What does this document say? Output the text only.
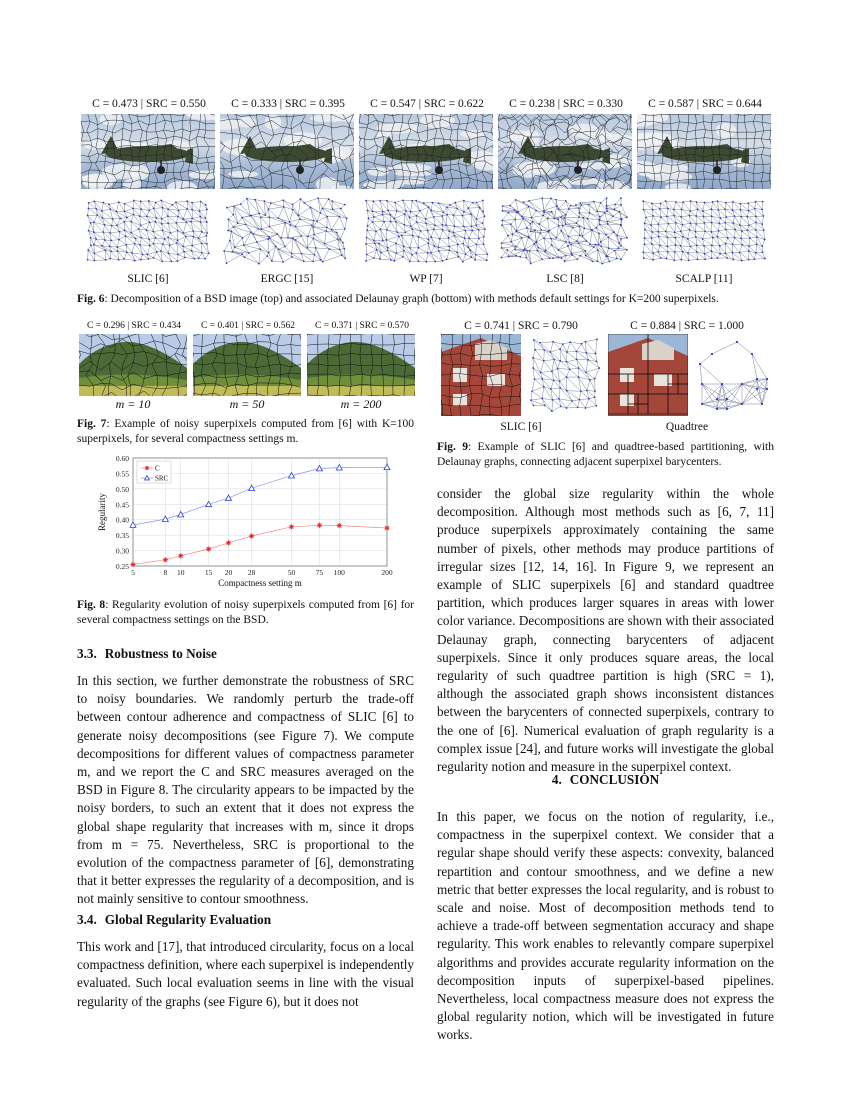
C = 0.473 | SRC = 0.550	C = 0.333 | SRC = 0.395	C = 0.547 | SRC = 0.622	C = 0.238 | SRC = 0.330	C = 0.587 | SRC = 0.644
SLIC [6]	ERGC [15]	WP [7]	LSC [8]	SCALP [11]
Fig. 6: Decomposition of a BSD image (top) and associated Delaunay graph (bottom) with methods default settings for K=200 superpixels.
C = 0.296 | SRC = 0.434	C = 0.401 | SRC = 0.562	C = 0.371 | SRC = 0.570
m = 10	m = 50	m = 200
Fig. 7: Example of noisy superpixels computed from [6] with K=100 superpixels, for several compactness settings m.
0.25
0.30
0.35
0.40
0.45
0.50
0.55
0.60
5	8 10	15 20 28	50	75 100	200
Compactness setting m
Regularity
C
SRC
Fig. 8: Regularity evolution of noisy superpixels computed from [6] for several compactness settings on the BSD.
C = 0.741 | SRC = 0.790	C = 0.884 | SRC = 1.000
SLIC [6]	Quadtree
Fig. 9: Example of SLIC [6] and quadtree-based partitioning, with Delaunay graphs, connecting adjacent superpixel barycenters.

3.3. Robustness to Noise

In this section, we further demonstrate the robustness of SRC to noisy boundaries. We randomly perturb the trade-off between contour adherence and compactness of SLIC [6] to generate noisy decompositions (see Figure 7). We compute decompositions for different values of compactness parameter m, and we report the C and SRC measures averaged on the BSD in Figure 8. The circularity appears to be impacted by the noisy borders, to such an extent that it does not express the global shape regularity that increases with m, since it drops from m = 75. Nevertheless, SRC is proportional to the evolution of the compactness parameter of [6], demonstrating that it better expresses the regularity of a decomposition, and is not mainly sensitive to contour smoothness.

3.4. Global Regularity Evaluation

This work and [17], that introduced circularity, focus on a local compactness definition, where each superpixel is independently evaluated. Such local evaluation seems in line with the visual regularity of the graphs (see Figure 6), but it does not

consider the global size regularity within the whole decomposition. Although most methods such as [6, 7, 11] produce superpixels approximately containing the same number of pixels, other methods may produce partitions of irregular sizes [12, 14, 16]. In Figure 9, we represent an example of SLIC superpixels [6] and standard quadtree partition, which produces larger squares in areas with lower color variance. Decompositions are shown with their associated Delaunay graph, connecting barycenters of adjacent superpixels. Since it only produces square areas, the local regularity of such quadtree partition is high (SRC = 1), although the associated graph shows inconsistent distances between the barycenters of connected superpixels, contrary to the one of [6]. Numerical evaluation of graph regularity is a complex issue [24], and future works will investigate the global regularity notion and measure in the superpixel context.

4. CONCLUSION

In this paper, we focus on the notion of regularity, i.e., compactness in the superpixel context. We consider that a regular shape should verify these aspects: convexity, balanced repartition and contour smoothness, and we define a new metric that better expresses the local regularity, and is robust to scale and noise. Most of decomposition methods tend to achieve a trade-off between segmentation accuracy and shape regularity. This work enables to relevantly compare superpixel algorithms and provides accurate regularity information on the decomposition inputs of superpixel-based pipelines. Nevertheless, local compactness measure does not express the global regularity notion, which will be investigated in future works.
